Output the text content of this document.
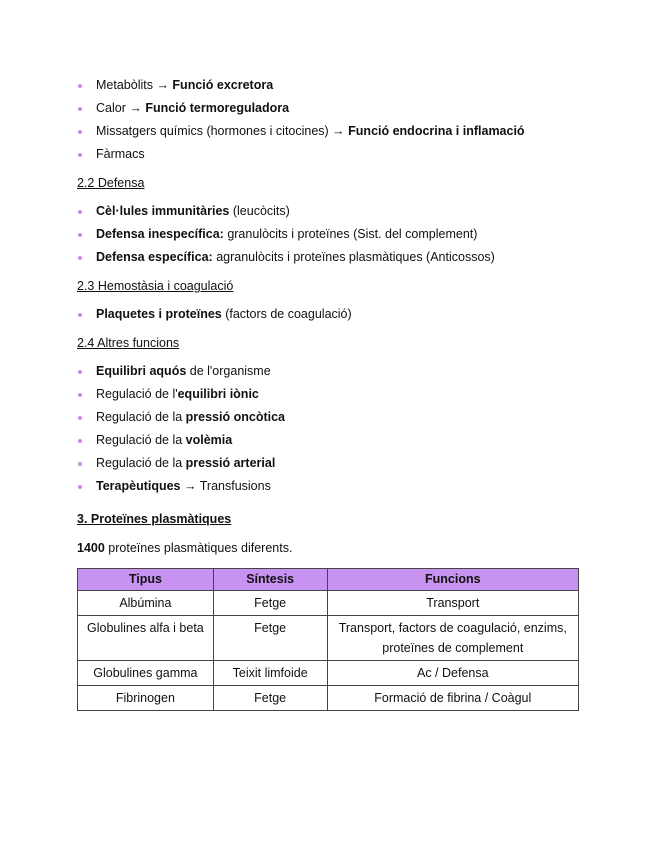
Metabòlits → Funció excretora
Calor → Funció termoreguladora
Missatgers químics (hormones i citocines) → Funció endocrina i inflamació
Fàrmacs
2.2 Defensa
Cèl·lules immunitàries (leucòcits)
Defensa inespecífica: granulòcits i proteïnes (Sist. del complement)
Defensa específica: agranulòcits i proteïnes plasmàtiques (Anticossos)
2.3 Hemostàsia i coagulació
Plaquetes i proteïnes (factors de coagulació)
2.4 Altres funcions
Equilibri aquós de l'organisme
Regulació de l'equilibri iònic
Regulació de la pressió oncòtica
Regulació de la volèmia
Regulació de la pressió arterial
Terapèutiques → Transfusions
3. Proteïnes plasmàtiques
1400 proteïnes plasmàtiques diferents.
Tipus	Síntesis	Funcions
Albúmina	Fetge	Transport
Globulines alfa i beta	Fetge	Transport, factors de coagulació, enzims, proteïnes de complement
Globulines gamma	Teixit limfoide	Ac / Defensa
Fibrinogen	Fetge	Formació de fibrina / Coàgul
